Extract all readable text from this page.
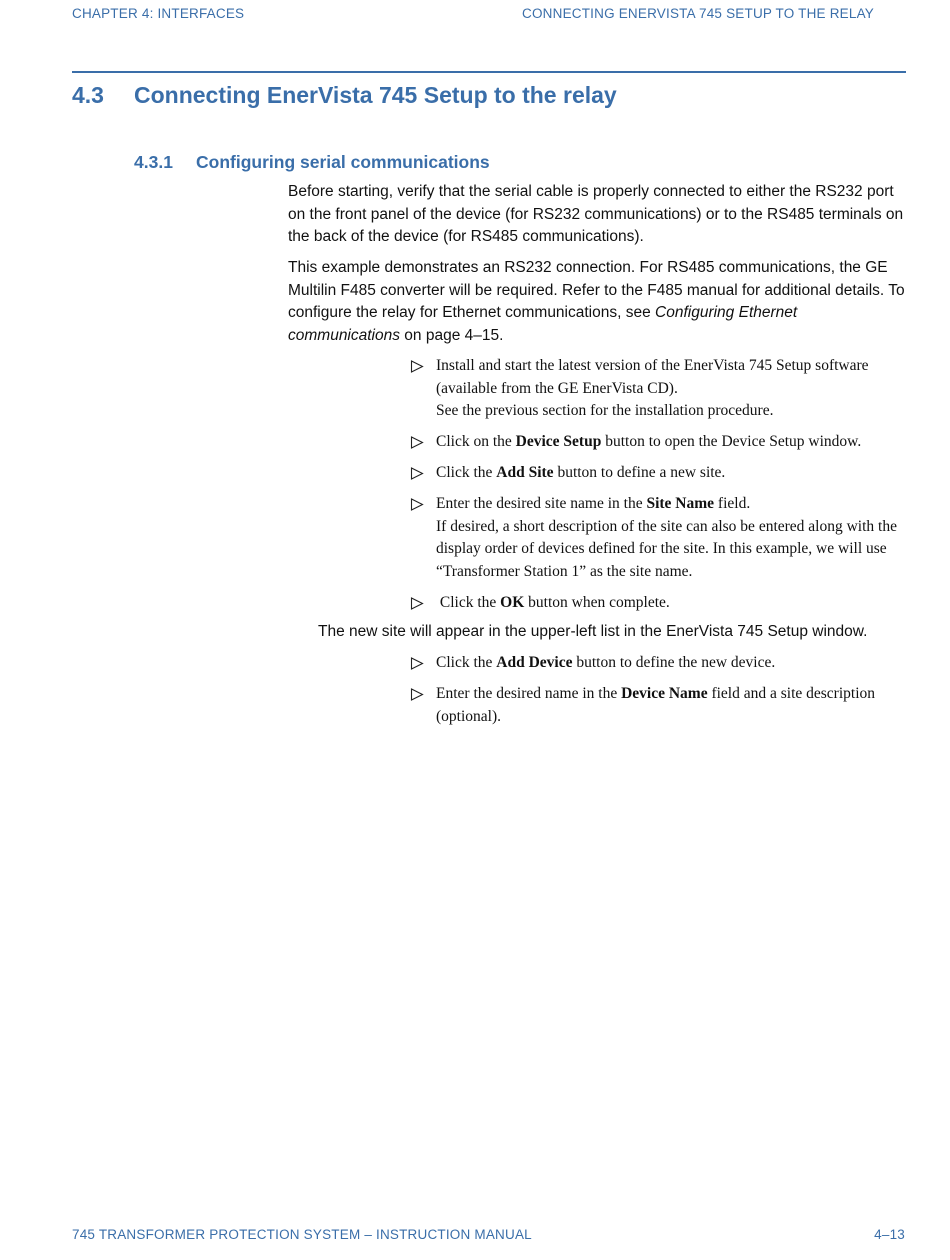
CHAPTER 4: INTERFACES	CONNECTING ENERVISTA 745 SETUP TO THE RELAY
4.3 Connecting EnerVista 745 Setup to the relay
4.3.1 Configuring serial communications
Before starting, verify that the serial cable is properly connected to either the RS232 port on the front panel of the device (for RS232 communications) or to the RS485 terminals on the back of the device (for RS485 communications).
This example demonstrates an RS232 connection. For RS485 communications, the GE Multilin F485 converter will be required. Refer to the F485 manual for additional details. To configure the relay for Ethernet communications, see Configuring Ethernet communications on page 4–15.
Install and start the latest version of the EnerVista 745 Setup software (available from the GE EnerVista CD).
See the previous section for the installation procedure.
Click on the Device Setup button to open the Device Setup window.
Click the Add Site button to define a new site.
Enter the desired site name in the Site Name field.
If desired, a short description of the site can also be entered along with the display order of devices defined for the site. In this example, we will use “Transformer Station 1” as the site name.
Click the OK button when complete.
The new site will appear in the upper-left list in the EnerVista 745 Setup window.
Click the Add Device button to define the new device.
Enter the desired name in the Device Name field and a site description (optional).
745 TRANSFORMER PROTECTION SYSTEM – INSTRUCTION MANUAL	4–13
